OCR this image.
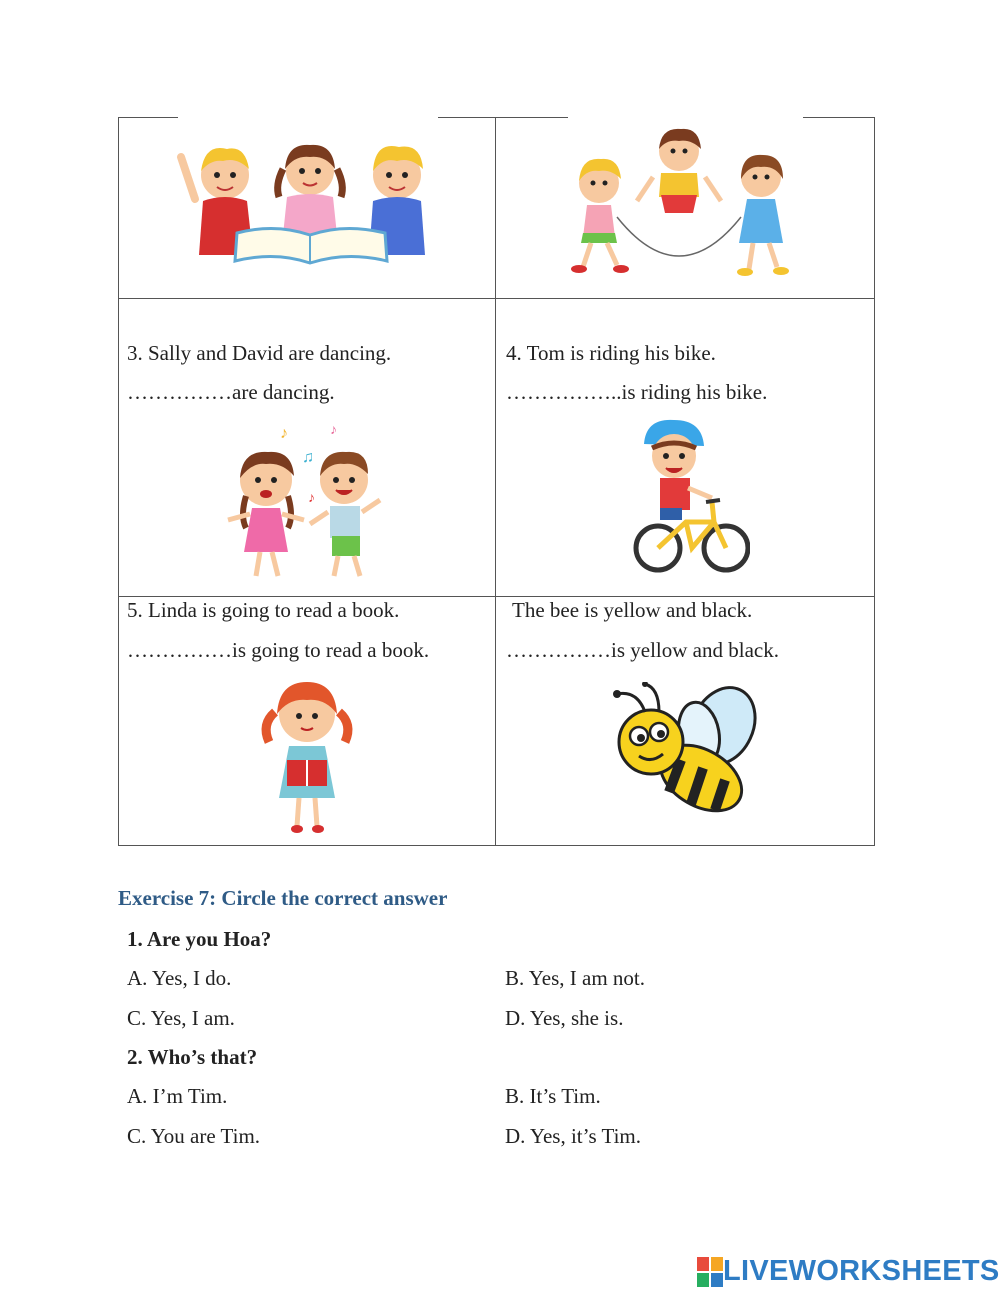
3. Sally and David are dancing.
……………are dancing.
♪
♫
♪
♪
4. Tom is riding his bike.
……………..is riding his bike.
5. Linda is going to read a book.
……………is going to read a book.
The bee is yellow and black.
……………is yellow and black.
Exercise 7: Circle the correct answer
1. Are you Hoa?
A. Yes, I do.	B. Yes, I am not.
C. Yes, I am.	D. Yes, she is.
2. Who’s that?
A. I’m Tim.	B. It’s Tim.
C. You are Tim.	D. Yes, it’s Tim.
LIVEWORKSHEETS
